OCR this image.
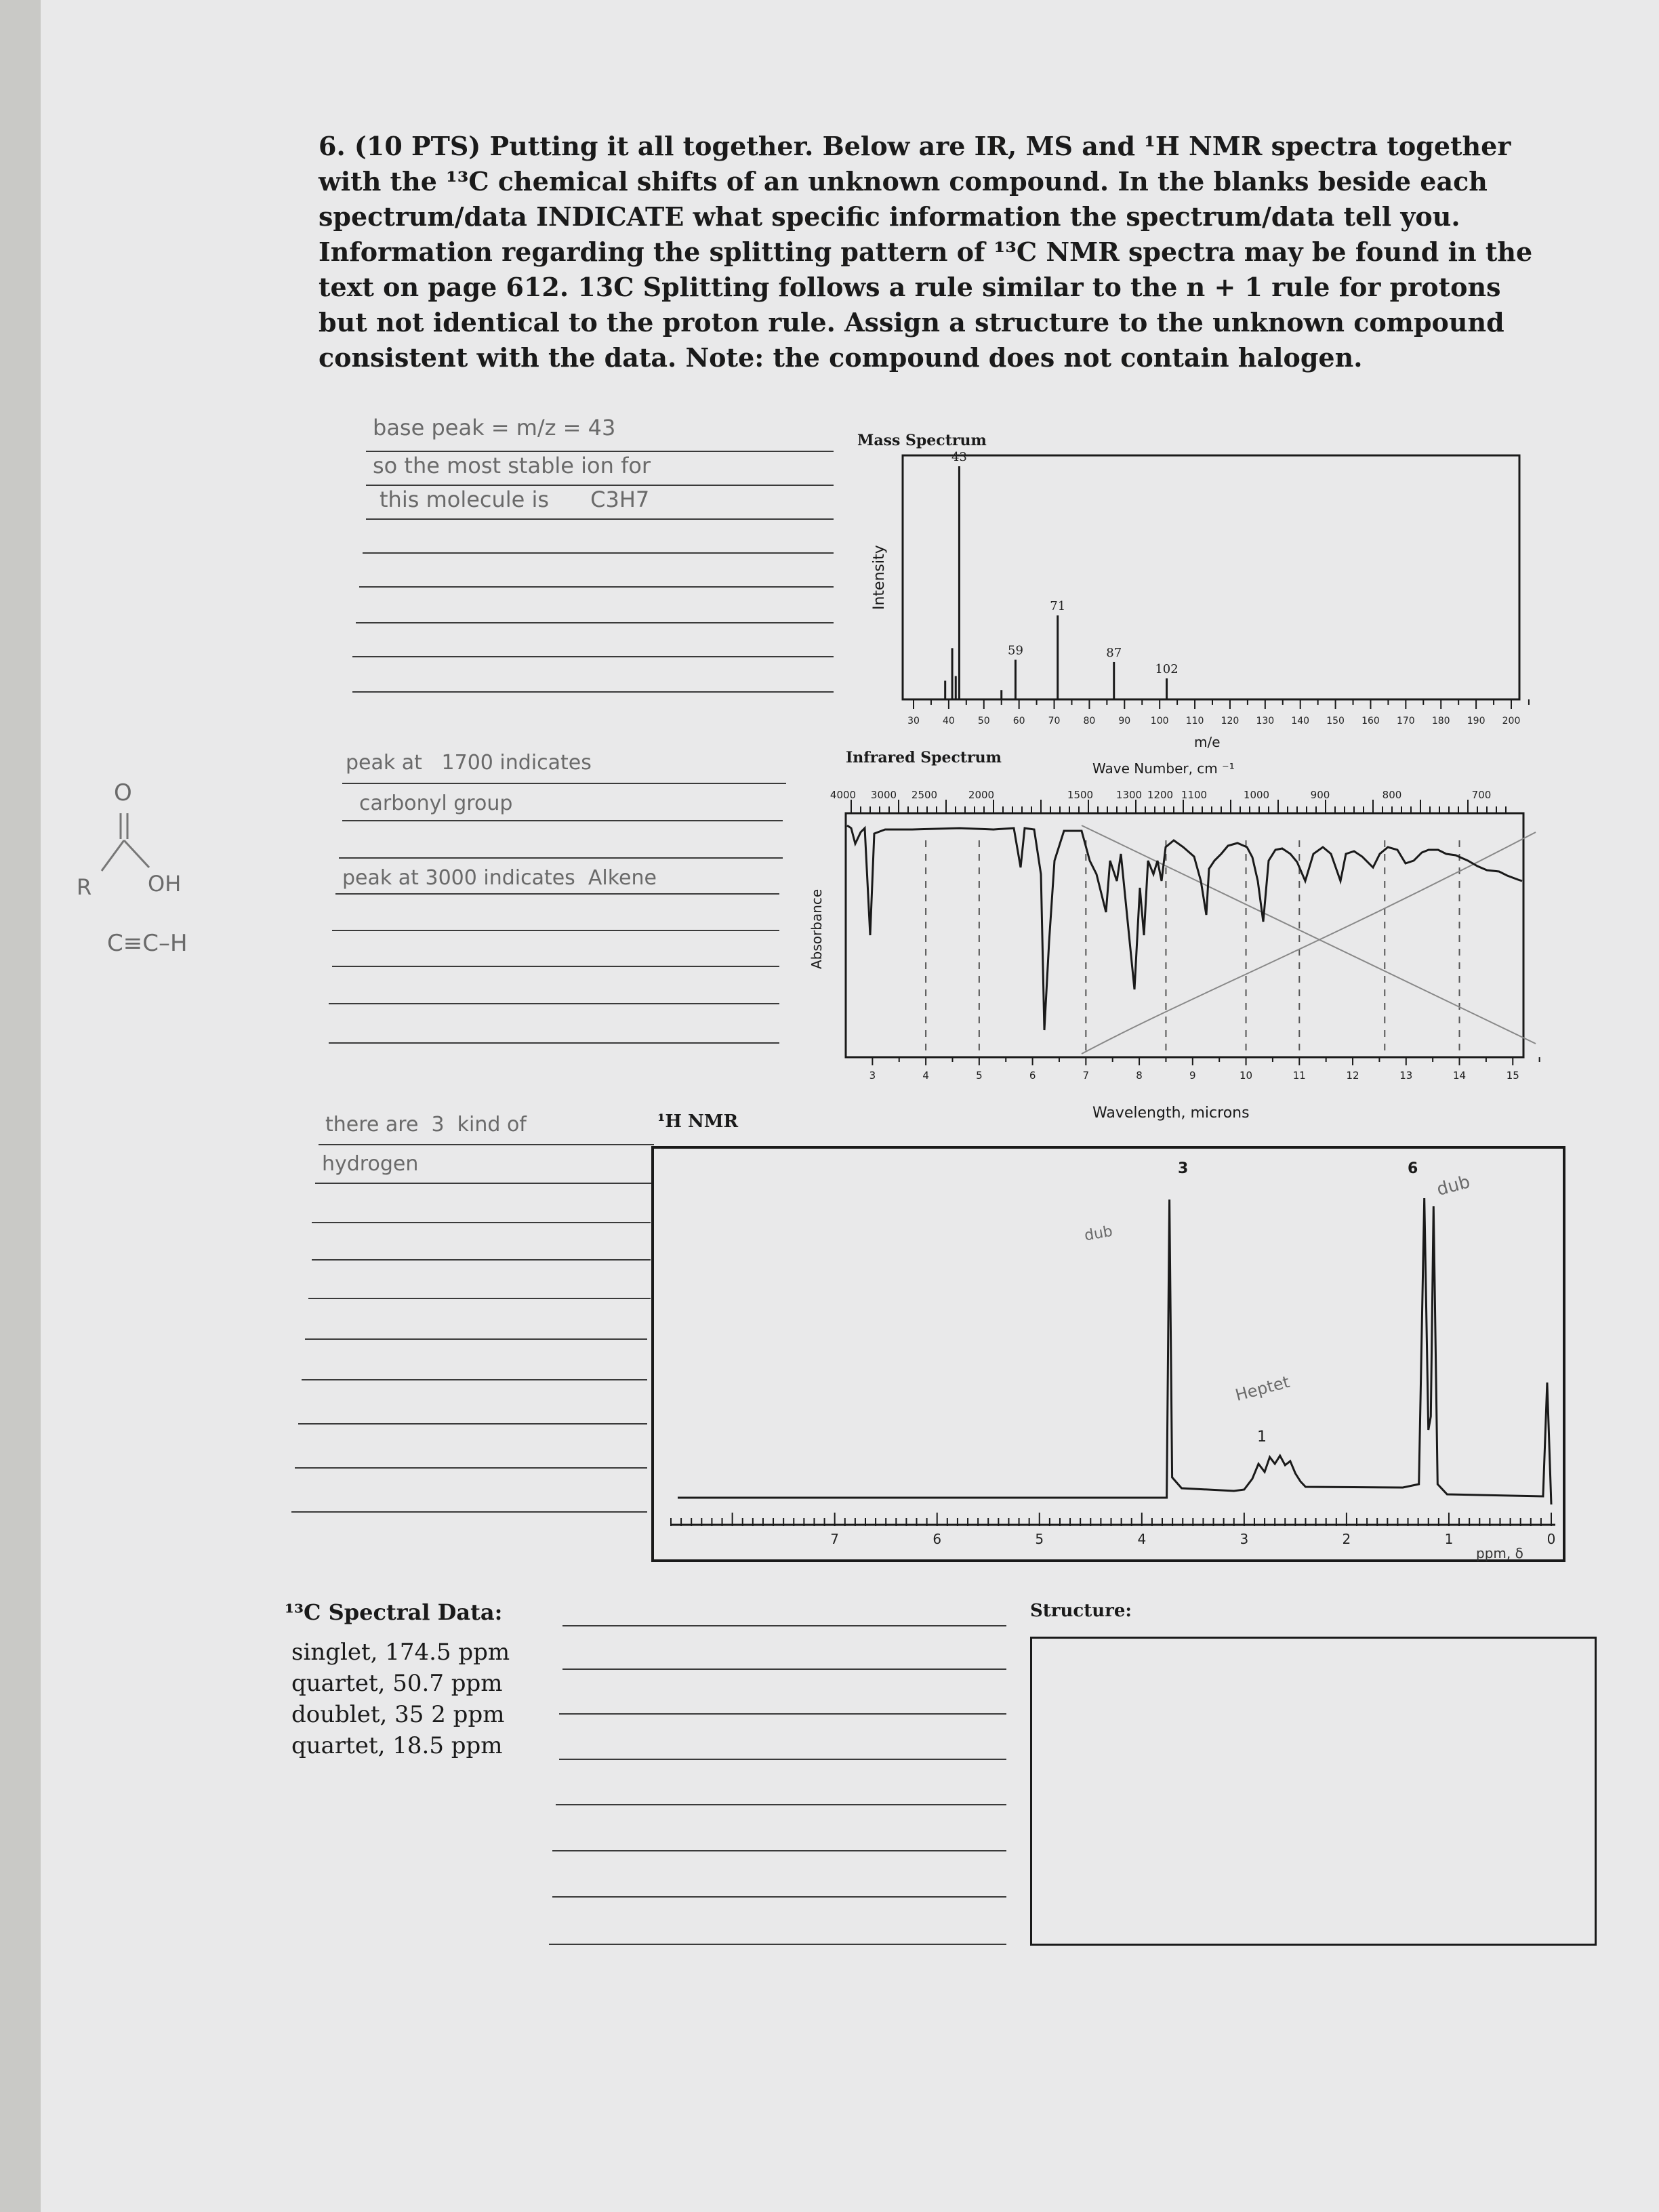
6. (10 PTS) Putting it all together. Below are IR, MS and ¹H NMR spectra together

with the ¹³C chemical shifts of an unknown compound. In the blanks beside each

spectrum/data INDICATE what specific information the spectrum/data tell you.

Information regarding the splitting pattern of ¹³C NMR spectra may be found in the

text on page 612. 13C Splitting follows a rule similar to the n + 1 rule for protons

but not identical to the proton rule. Assign a structure to the unknown compound

consistent with the data. Note: the compound does not contain halogen.

base peak = m/z = 43
so the most stable ion for
this molecule is      C3H7
Mass Spectrum
Intensity
43
71
59	87
102
30 40 50 60 70 80 90 100 110 120 130 140 150 160 170 180 190 200
m/e
peak at   1700 indicates
carbonyl group
peak at 3000 indicates  Alkene
O
R	OH
C≡C–H
Infrared Spectrum
Wave Number, cm ⁻¹
Absorbance
4000 3000 2500	2000	1500 1300 1200 1100	1000	900	800	700
3	4	5	6	7	8	9	10	11	12	13	14	15
Wavelength, microns
there are  3  kind of
hydrogen
¹H NMR
7	6	5	4	3	2	1	0
3	6
1
ppm, δ
dub
dub
Heptet
¹³C Spectral Data:
singlet, 174.5 ppm
quartet, 50.7 ppm
doublet, 35 2 ppm
quartet, 18.5 ppm
Structure:
